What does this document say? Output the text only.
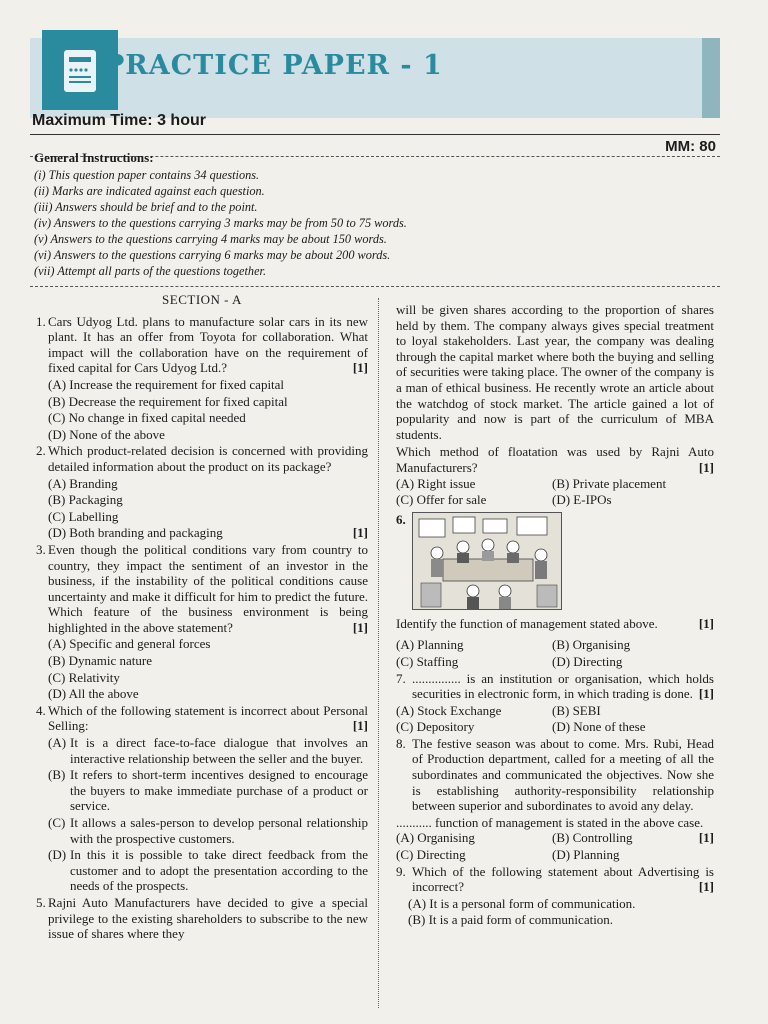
PRACTICE PAPER - 1
Maximum Time: 3 hour
MM: 80
General Instructions:
(i) This question paper contains 34 questions.
(ii) Marks are indicated against each question.
(iii) Answers should be brief and to the point.
(iv) Answers to the questions carrying 3 marks may be from 50 to 75 words.
(v) Answers to the questions carrying 4 marks may be about 150 words.
(vi) Answers to the questions carrying 6 marks may be about 200 words.
(vii) Attempt all parts of the questions together.
SECTION - A
1. Cars Udyog Ltd. plans to manufacture solar cars in its new plant. It has an offer from Toyota for collaboration. What impact will the collaboration have on the requirement of fixed capital for Cars Udyog Ltd.?	[1]
(A) Increase the requirement for fixed capital
(B) Decrease the requirement for fixed capital
(C) No change in fixed capital needed
(D) None of the above
2. Which product-related decision is concerned with providing detailed information about the product on its package?
(A) Branding
(B) Packaging
(C) Labelling
(D) Both branding and packaging	[1]
3. Even though the political conditions vary from country to country, they impact the sentiment of an investor in the business, if the instability of the political conditions cause uncertainty and make it difficult for him to predict the future. Which feature of the business environment is being highlighted in the above statement?	[1]
(A) Specific and general forces
(B) Dynamic nature
(C) Relativity
(D) All the above
4. Which of the following statement is incorrect about Personal Selling:	[1]
(A) It is a direct face-to-face dialogue that involves an interactive relationship between the seller and the buyer.
(B) It refers to short-term incentives designed to encourage the buyers to make immediate purchase of a product or service.
(C) It allows a sales-person to develop personal relationship with the prospective customers.
(D) In this it is possible to take direct feedback from the customer and to adopt the presentation according to the needs of the prospects.
5. Rajni Auto Manufacturers have decided to give a special privilege to the existing shareholders to subscribe to the new issue of shares where they
will be given shares according to the proportion of shares held by them. The company always gives special treatment to loyal stakeholders. Last year, the company was dealing through the capital market where both the buying and selling of securities were taking place. The owner of the company is a man of ethical business. He recently wrote an article about the watchdog of stock market. The article gained a lot of popularity and now is part of the curriculum of MBA students.
Which method of floatation was used by Rajni Auto Manufacturers?	[1]
(A) Right issue	(B) Private placement
(C) Offer for sale	(D) E-IPOs
6.
Identify the function of management stated above.	[1]
(A) Planning	(B) Organising
(C) Staffing	(D) Directing
7. ............... is an institution or organisation, which holds securities in electronic form, in which trading is done. [1]
(A) Stock Exchange	(B) SEBI
(C) Depository	(D) None of these
8. The festive season was about to come. Mrs. Rubi, Head of Production department, called for a meeting of all the subordinates and communicated the objectives. Now she is establishing authority-responsibility relationship between superior and subordinates to avoid any delay.
........... function of management is stated in the above case.
[1]
(A) Organising	(B) Controlling
(C) Directing	(D) Planning
9. Which of the following statement about Advertising is incorrect?	[1]
(A) It is a personal form of communication.
(B) It is a paid form of communication.
